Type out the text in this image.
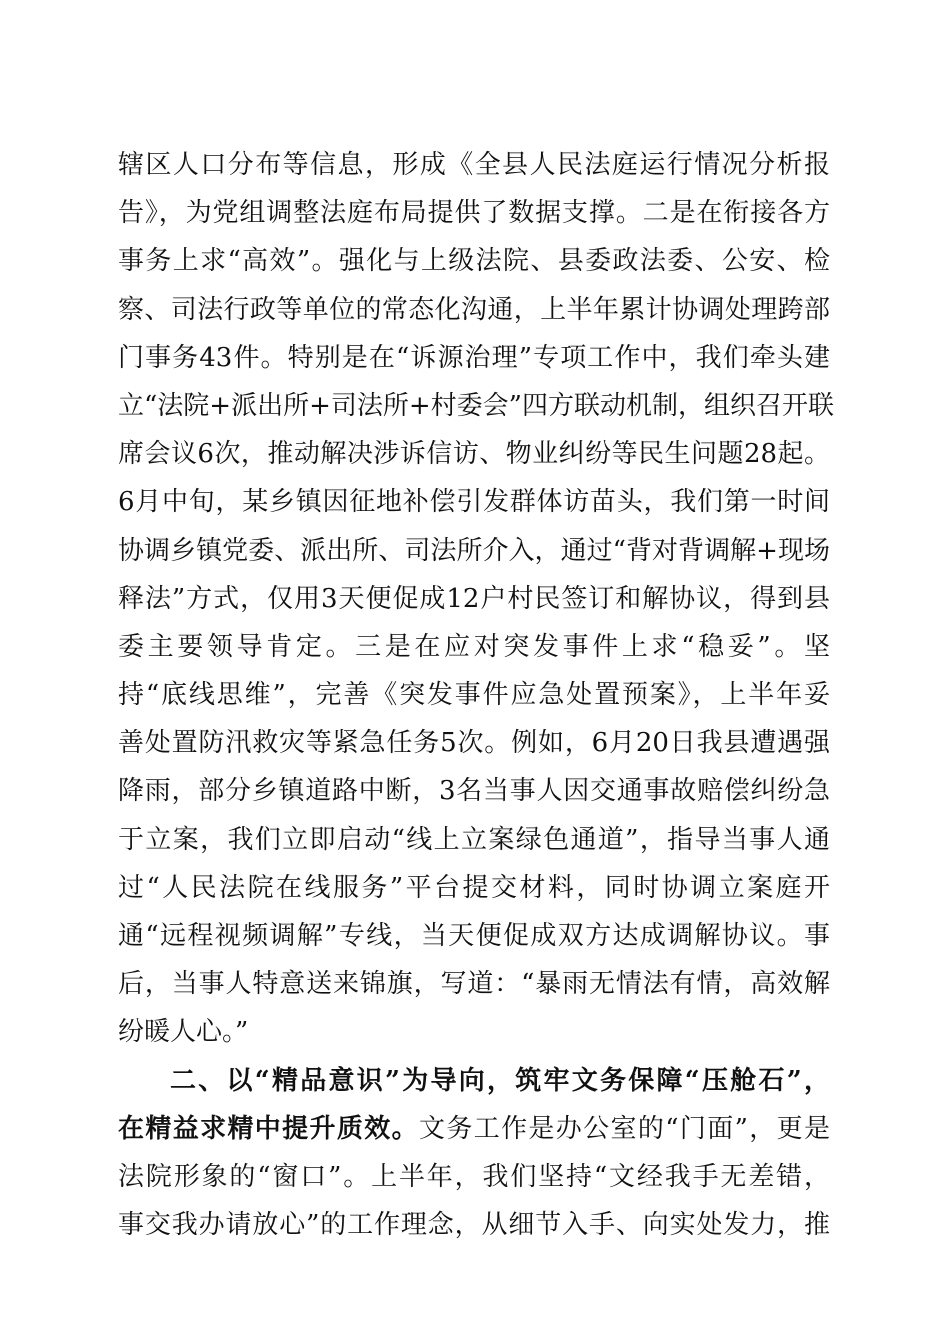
辖区人口分布等信息，形成《全县人民法庭运行情况分析报
告》，为党组调整法庭布局提供了数据支撑。二是在衔接各方
事务上求“高效”。强化与上级法院、县委政法委、公安、检
察、司法行政等单位的常态化沟通，上半年累计协调处理跨部
门事务43件。特别是在“诉源治理”专项工作中，我们牵头建
立“法院+派出所+司法所+村委会”四方联动机制，组织召开联
席会议6次，推动解决涉诉信访、物业纠纷等民生问题28起。
6月中旬，某乡镇因征地补偿引发群体访苗头，我们第一时间
协调乡镇党委、派出所、司法所介入，通过“背对背调解+现场
释法”方式，仅用3天便促成12户村民签订和解协议，得到县
委主要领导肯定。三是在应对突发事件上求“稳妥”。坚
持“底线思维”，完善《突发事件应急处置预案》，上半年妥
善处置防汛救灾等紧急任务5次。例如，6月20日我县遭遇强
降雨，部分乡镇道路中断，3名当事人因交通事故赔偿纠纷急
于立案，我们立即启动“线上立案绿色通道”，指导当事人通
过“人民法院在线服务”平台提交材料，同时协调立案庭开
通“远程视频调解”专线，当天便促成双方达成调解协议。事
后，当事人特意送来锦旗，写道：“暴雨无情法有情，高效解
纷暖人心。”
二、以“精品意识”为导向，筑牢文务保障“压舱石”，
在精益求精中提升质效。文务工作是办公室的“门面”，更是
法院形象的“窗口”。上半年，我们坚持“文经我手无差错，
事交我办请放心”的工作理念，从细节入手、向实处发力，推
